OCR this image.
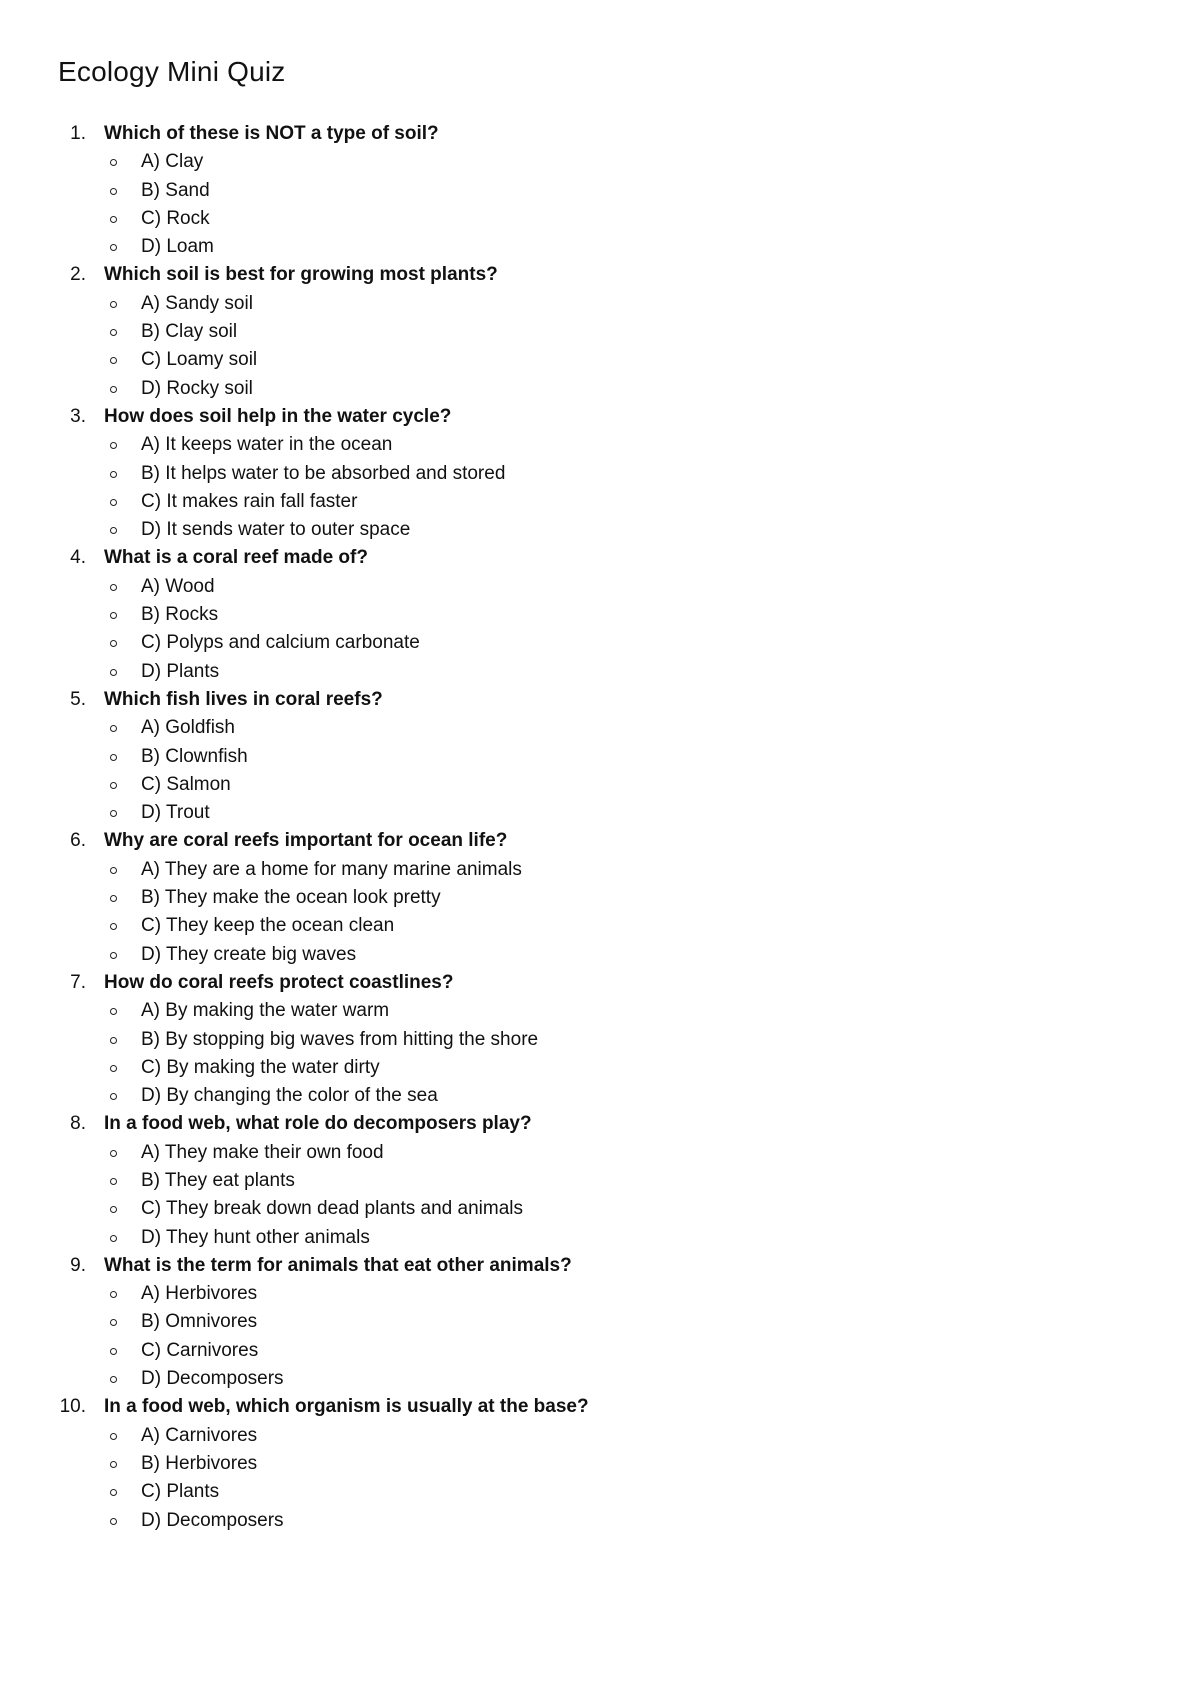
Ecology Mini Quiz
1. Which of these is NOT a type of soil?
A) Clay
B) Sand
C) Rock
D) Loam
2. Which soil is best for growing most plants?
A) Sandy soil
B) Clay soil
C) Loamy soil
D) Rocky soil
3. How does soil help in the water cycle?
A) It keeps water in the ocean
B) It helps water to be absorbed and stored
C) It makes rain fall faster
D) It sends water to outer space
4. What is a coral reef made of?
A) Wood
B) Rocks
C) Polyps and calcium carbonate
D) Plants
5. Which fish lives in coral reefs?
A) Goldfish
B) Clownfish
C) Salmon
D) Trout
6. Why are coral reefs important for ocean life?
A) They are a home for many marine animals
B) They make the ocean look pretty
C) They keep the ocean clean
D) They create big waves
7. How do coral reefs protect coastlines?
A) By making the water warm
B) By stopping big waves from hitting the shore
C) By making the water dirty
D) By changing the color of the sea
8. In a food web, what role do decomposers play?
A) They make their own food
B) They eat plants
C) They break down dead plants and animals
D) They hunt other animals
9. What is the term for animals that eat other animals?
A) Herbivores
B) Omnivores
C) Carnivores
D) Decomposers
10. In a food web, which organism is usually at the base?
A) Carnivores
B) Herbivores
C) Plants
D) Decomposers
